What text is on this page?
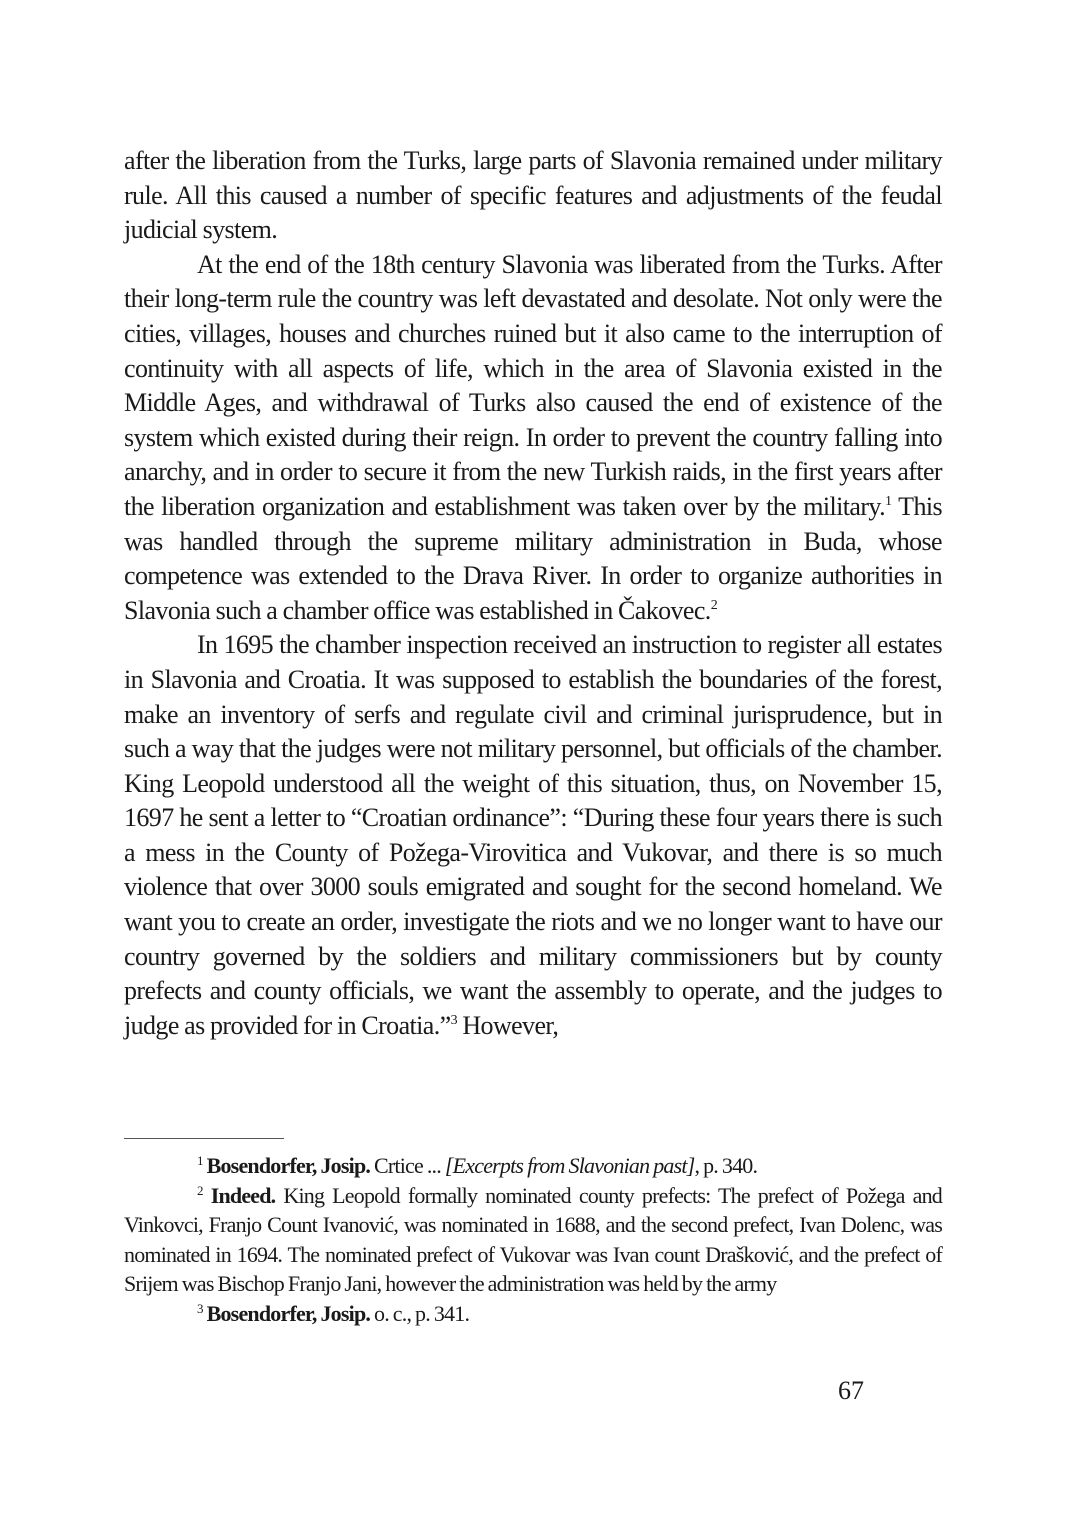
after the liberation from the Turks, large parts of Slavonia remained under military rule. All this caused a number of specific features and adjustments of the feudal judicial system.

At the end of the 18th century Slavonia was liberated from the Turks. After their long-term rule the country was left devastated and desolate. Not only were the cities, villages, houses and churches ruined but it also came to the interruption of continuity with all aspects of life, which in the area of Slavonia existed in the Middle Ages, and withdrawal of Turks also caused the end of existence of the system which existed during their reign. In order to prevent the country falling into anarchy, and in order to secure it from the new Turkish raids, in the first years after the liberation organization and establishment was taken over by the military.$^1$ This was handled through the supreme military administration in Buda, whose competence was extended to the Drava River. In order to organize authorities in Slavonia such a chamber office was established in Čakovec.$^2$

In 1695 the chamber inspection received an instruction to register all estates in Slavonia and Croatia. It was supposed to establish the boundaries of the forest, make an inventory of serfs and regulate civil and criminal jurisprudence, but in such a way that the judges were not military personnel, but officials of the chamber. King Leopold understood all the weight of this situation, thus, on November 15, 1697 he sent a letter to “Croatian ordinance”: “During these four years there is such a mess in the County of Požega-Virovitica and Vukovar, and there is so much violence that over 3000 souls emigrated and sought for the second homeland. We want you to create an order, investigate the riots and we no longer want to have our country governed by the soldiers and military commissioners but by county prefects and county officials, we want the assembly to operate, and the judges to judge as provided for in Croatia.”$^3$ However,

$^1$ Bosendorfer, Josip. Crtice ... [Excerpts from Slavonian past], p. 340.

$^2$ Indeed. King Leopold formally nominated county prefects: The prefect of Požega and Vinkovci, Franjo Count Ivanović, was nominated in 1688, and the second prefect, Ivan Dolenc, was nominated in 1694. The nominated prefect of Vukovar was Ivan count Drašković, and the prefect of Srijem was Bischop Franjo Jani, however the administration was held by the army

$^3$ Bosendorfer, Josip. o. c., p. 341.

67
